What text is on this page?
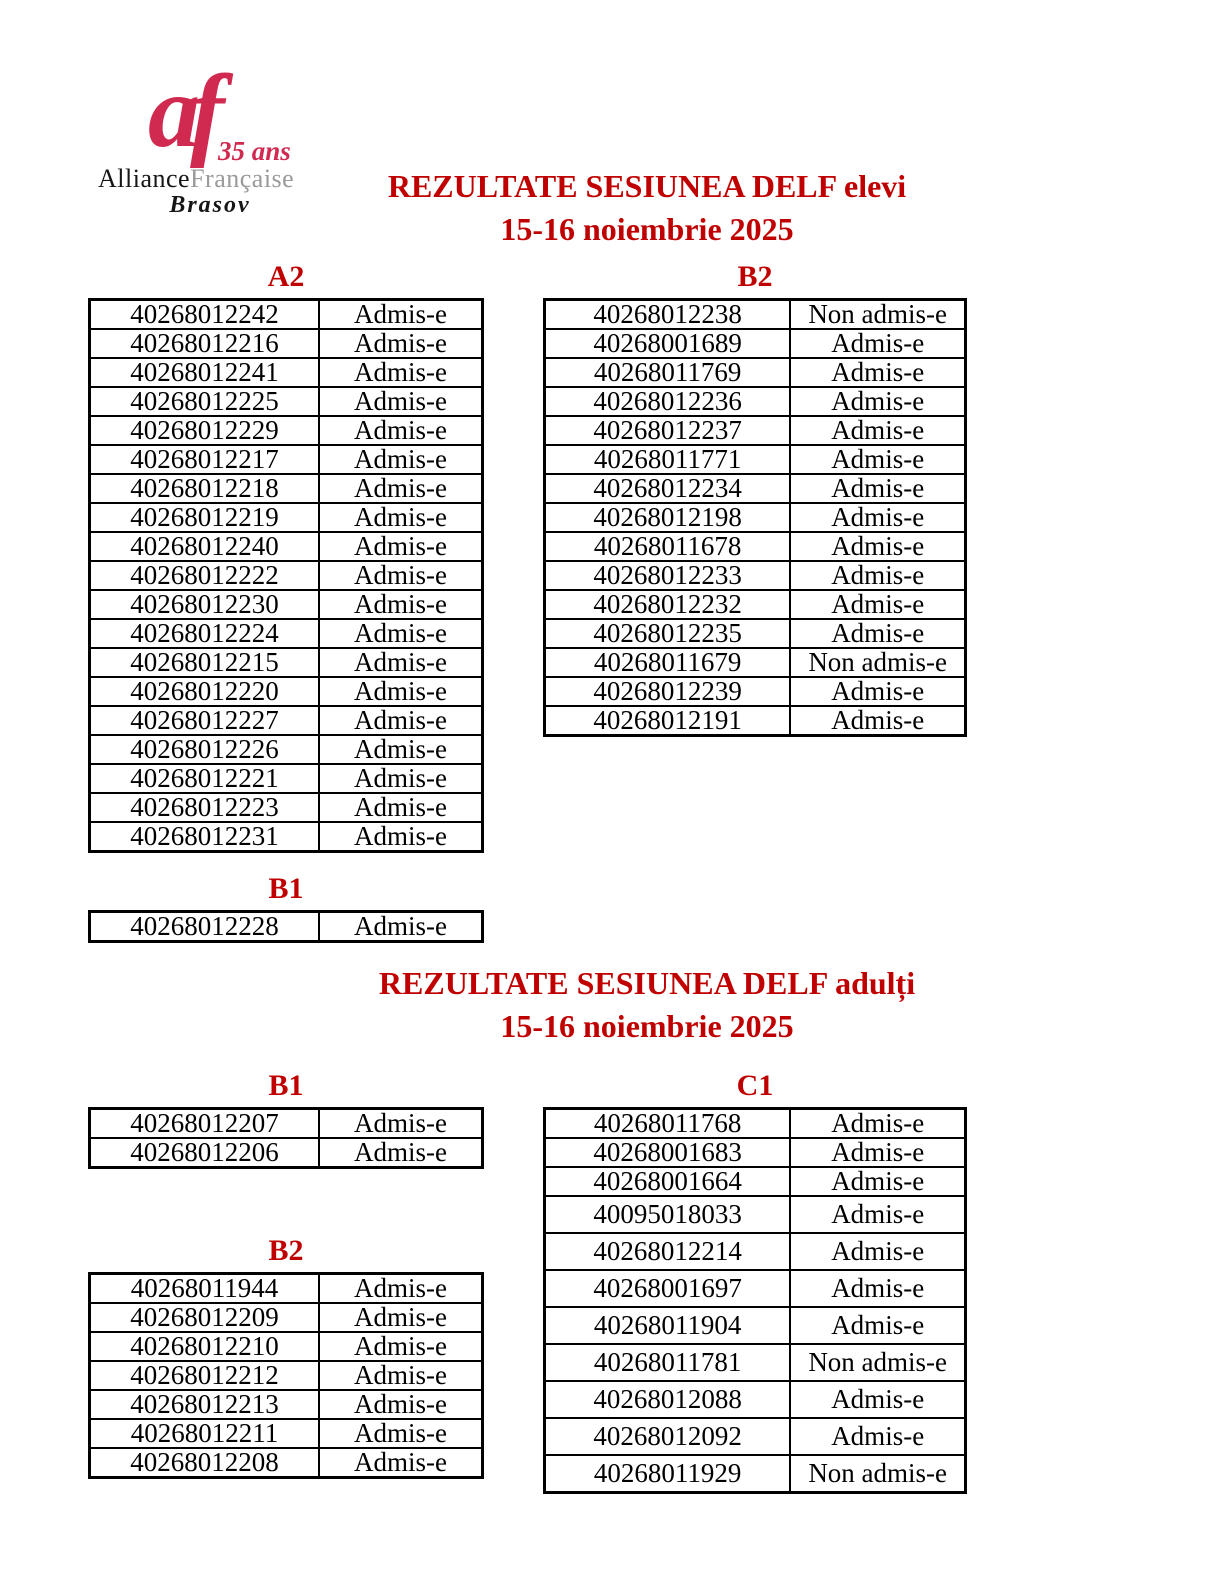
af 35 ans
AllianceFrançaise
Brasov
REZULTATE SESIUNEA DELF elevi
15-16 noiembrie 2025
A2
40268012242	Admis-e
40268012216	Admis-e
40268012241	Admis-e
40268012225	Admis-e
40268012229	Admis-e
40268012217	Admis-e
40268012218	Admis-e
40268012219	Admis-e
40268012240	Admis-e
40268012222	Admis-e
40268012230	Admis-e
40268012224	Admis-e
40268012215	Admis-e
40268012220	Admis-e
40268012227	Admis-e
40268012226	Admis-e
40268012221	Admis-e
40268012223	Admis-e
40268012231	Admis-e
B2
40268012238	Non admis-e
40268001689	Admis-e
40268011769	Admis-e
40268012236	Admis-e
40268012237	Admis-e
40268011771	Admis-e
40268012234	Admis-e
40268012198	Admis-e
40268011678	Admis-e
40268012233	Admis-e
40268012232	Admis-e
40268012235	Admis-e
40268011679	Non admis-e
40268012239	Admis-e
40268012191	Admis-e
B1
40268012228	Admis-e
REZULTATE SESIUNEA DELF adulți
15-16 noiembrie 2025
B1
40268012207	Admis-e
40268012206	Admis-e
C1
40268011768	Admis-e
40268001683	Admis-e
40268001664	Admis-e
40095018033	Admis-e
40268012214	Admis-e
40268001697	Admis-e
40268011904	Admis-e
40268011781	Non admis-e
40268012088	Admis-e
40268012092	Admis-e
40268011929	Non admis-e
B2
40268011944	Admis-e
40268012209	Admis-e
40268012210	Admis-e
40268012212	Admis-e
40268012213	Admis-e
40268012211	Admis-e
40268012208	Admis-e
